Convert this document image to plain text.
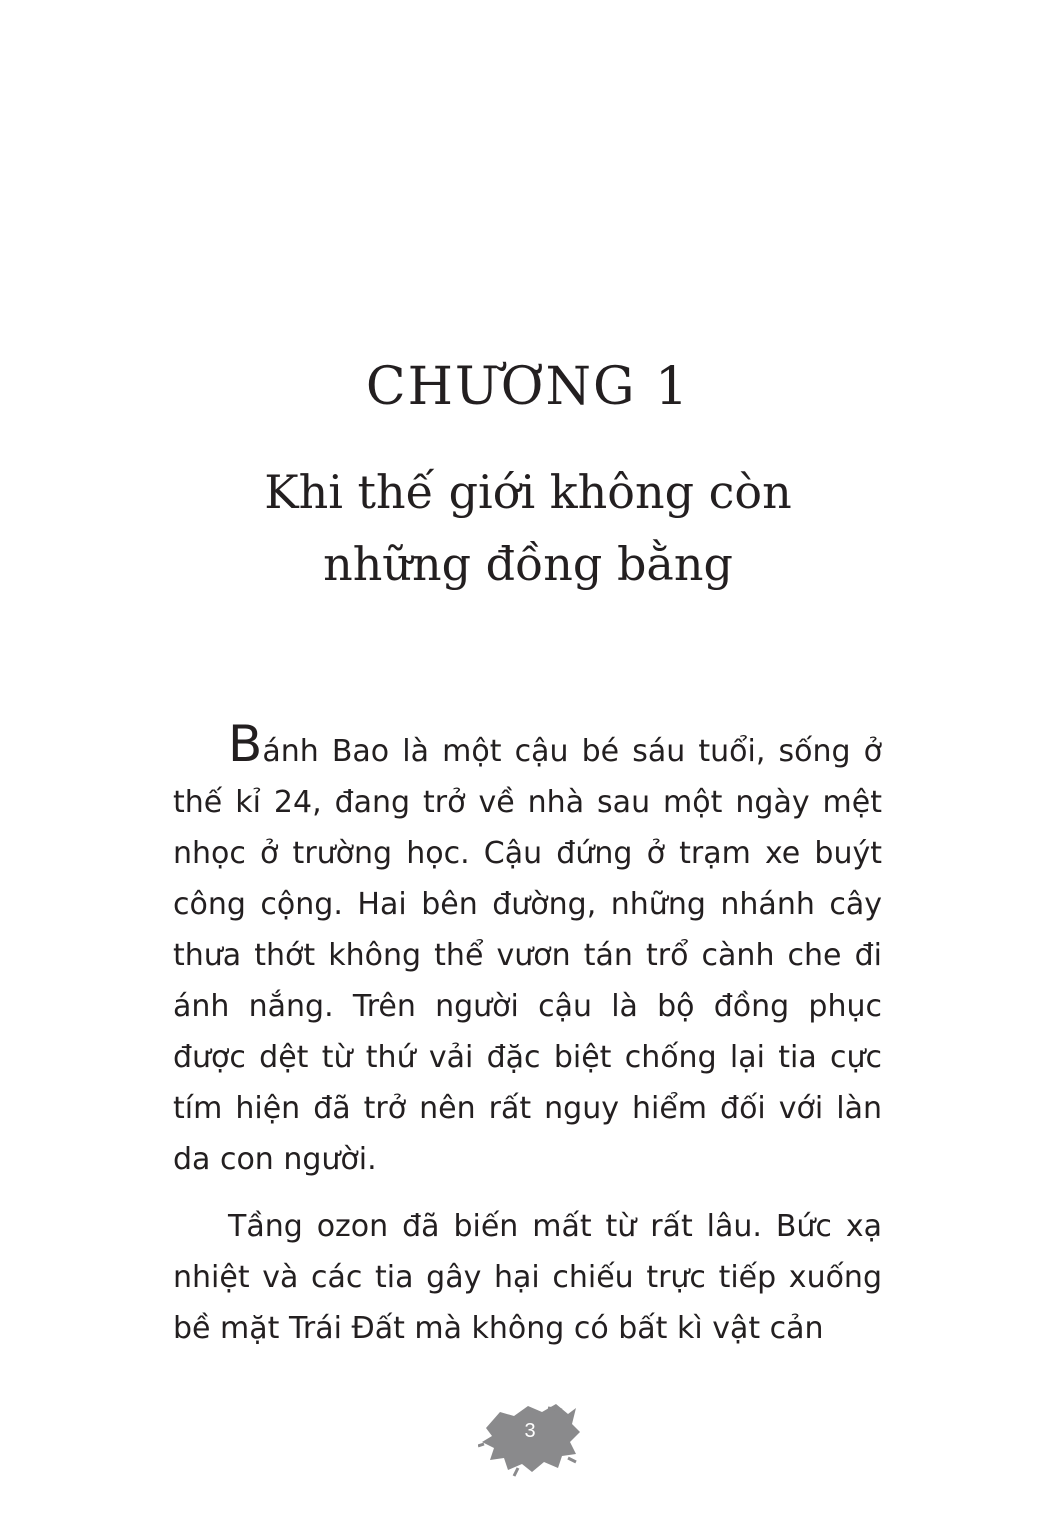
CHƯƠNG 1
Khi thế giới không còn
những đồng bằng

Bánh Bao là một cậu bé sáu tuổi, sống ở thế kỉ 24, đang trở về nhà sau một ngày mệt nhọc ở trường học. Cậu đứng ở trạm xe buýt công cộng. Hai bên đường, những nhánh cây thưa thớt không thể vươn tán trổ cành che đi ánh nắng. Trên người cậu là bộ đồng phục được dệt từ thứ vải đặc biệt chống lại tia cực tím hiện đã trở nên rất nguy hiểm đối với làn da con người.

Tầng ozon đã biến mất từ rất lâu. Bức xạ nhiệt và các tia gây hại chiếu trực tiếp xuống bề mặt Trái Đất mà không có bất kì vật cản

3
